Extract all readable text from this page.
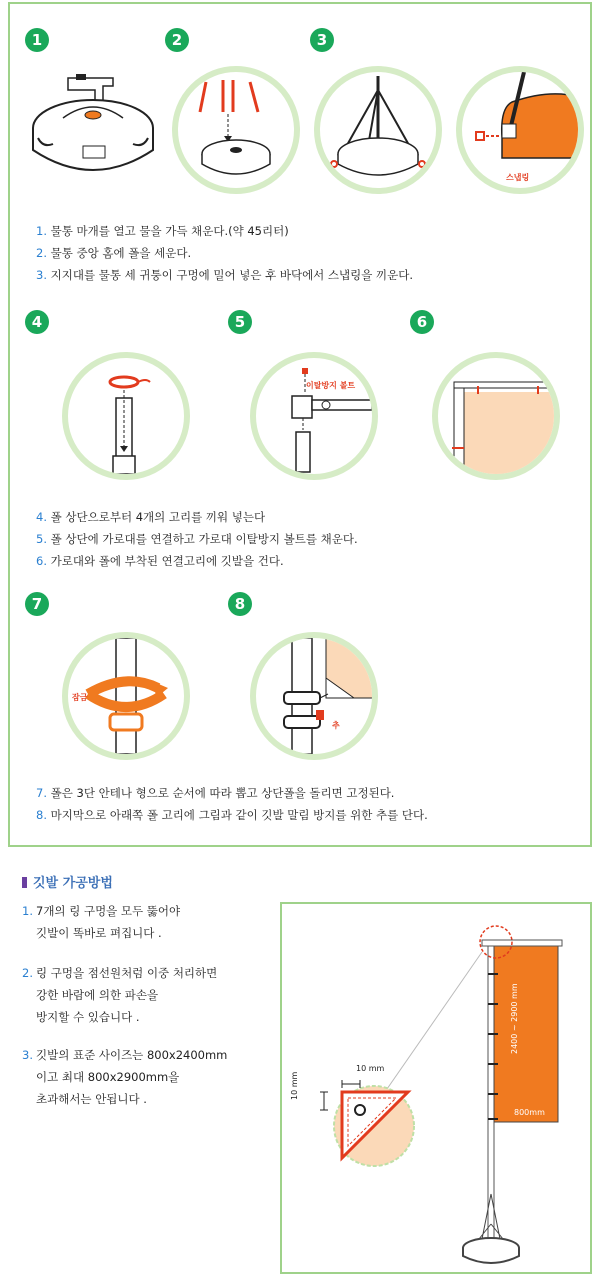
1	2	3
스냅링
1. 물통 마개를 열고 물을 가득 채운다.(약 45리터)
2. 물통 중앙 홈에 폴을 세운다.
3. 지지대를 물통 세 귀퉁이 구멍에 밀어 넣은 후 바닥에서 스냅링을 끼운다.
4	5	6
이탈방지 볼트
4. 폴 상단으로부터 4개의 고리를 끼워 넣는다
5. 폴 상단에 가로대를 연결하고 가로대 이탈방지 볼트를 채운다.
6. 가로대와 폴에 부착된 연결고리에 깃발을 건다.
7	8
잠금
추
7. 폴은 3단 안테나 형으로 순서에 따라 뽑고 상단폴을 돌리면 고정된다.
8. 마지막으로 아래쪽 폴 고리에 그림과 같이 깃발 말림 방지를 위한 추를 단다.
깃발 가공방법
1. 7개의 링 구멍을 모두 뚫어야
깃발이 똑바로 펴집니다 .
2. 링 구멍을 점선원처럼 이중 처리하면
강한 바람에 의한 파손을
방지할 수 있습니다 .
3. 깃발의 표준 사이즈는 800x2400mm
이고 최대 800x2900mm을
초과해서는 안됩니다 .
10 mm
10 mm
2400 ~ 2900 mm
800mm
